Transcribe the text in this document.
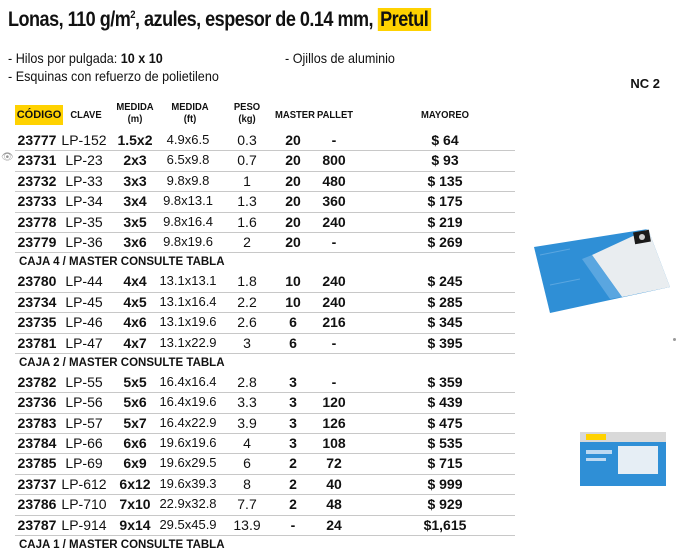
Lonas, 110 $g/m^2$, azules, espesor de 0.14 mm, Pretul
- Hilos por pulgada: 10 x 10	- Ojillos de aluminio
- Esquinas con refuerzo de polietileno	NC 2
CÓDIGO CLAVE
MEDIDA
(m)
MEDIDA
(ft)
PESO
(kg)	MASTER PALLET	MAYOREO
23777 LP-152 1.5x2	4.9x6.5	0.3	20	-	$ 64
23731 LP-23	2x3	6.5x9.8	0.7	20	800	$ 93
👁
23732 LP-33	3x3	9.8x9.8	1	20	480	$ 135
23733 LP-34	3x4	9.8x13.1	1.3	20	360	$ 175
23778 LP-35	3x5	9.8x16.4	1.6	20	240	$ 219
23779 LP-36	3x6	9.8x19.6	2	20	-	$ 269
CAJA 4 / MASTER CONSULTE TABLA
23780 LP-44	4x4 13.1x13.1	1.8	10	240	$ 245
23734 LP-45	4x5 13.1x16.4	2.2	10	240	$ 285
23735 LP-46	4x6 13.1x19.6	2.6	6	216	$ 345
23781 LP-47	4x7 13.1x22.9	3	6	-	$ 395
CAJA 2 / MASTER CONSULTE TABLA
23782 LP-55	5x5 16.4x16.4	2.8	3	-	$ 359
23736 LP-56	5x6 16.4x19.6	3.3	3	120	$ 439
23783 LP-57	5x7 16.4x22.9	3.9	3	126	$ 475
23784 LP-66	6x6 19.6x19.6	4	3	108	$ 535
23785 LP-69	6x9 19.6x29.5	6	2	72	$ 715
23737 LP-612 6x12 19.6x39.3	8	2	40	$ 999
23786 LP-710 7x10 22.9x32.8	7.7	2	48	$ 929
23787 LP-914 9x14 29.5x45.9	13.9	-	24	$1,615
CAJA 1 / MASTER CONSULTE TABLA
